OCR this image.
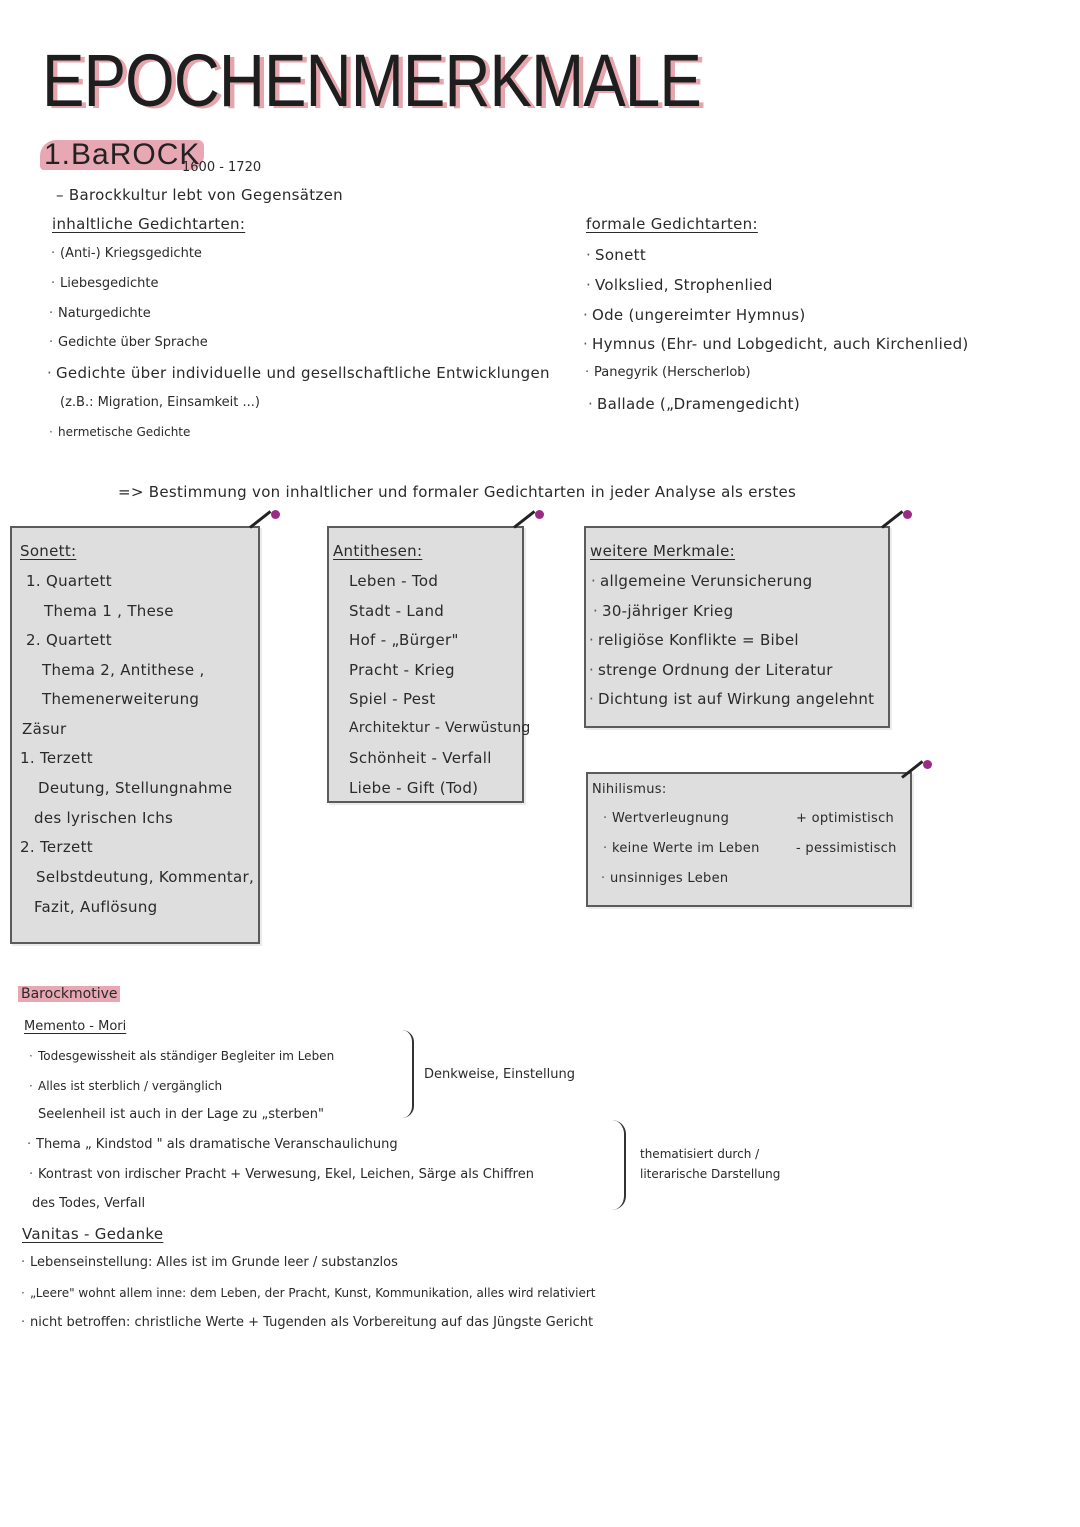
EPOCHENMERKMALE
1.BaROCK
1600 - 1720
– Barockkultur lebt von Gegensätzen
inhaltliche Gedichtarten:
· (Anti-) Kriegsgedichte
· Liebesgedichte
· Naturgedichte
· Gedichte über Sprache
· Gedichte über individuelle und gesellschaftliche Entwicklungen
(z.B.: Migration, Einsamkeit ...)
· hermetische Gedichte
formale Gedichtarten:
· Sonett
· Volkslied, Strophenlied
· Ode (ungereimter Hymnus)
· Hymnus (Ehr- und Lobgedicht, auch Kirchenlied)
· Panegyrik (Herscherlob)
· Ballade („Dramengedicht)
=> Bestimmung von inhaltlicher und formaler Gedichtarten in jeder Analyse als erstes
Sonett:
1. Quartett
Thema 1 , These
2. Quartett
Thema 2, Antithese ,
Themenerweiterung
Zäsur
1. Terzett
Deutung, Stellungnahme
des lyrischen Ichs
2. Terzett
Selbstdeutung, Kommentar,
Fazit, Auflösung
Antithesen:
Leben - Tod
Stadt - Land
Hof - „Bürger"
Pracht - Krieg
Spiel - Pest
Architektur - Verwüstung
Schönheit - Verfall
Liebe - Gift (Tod)
weitere Merkmale:
· allgemeine Verunsicherung
· 30-jähriger Krieg
· religiöse Konflikte = Bibel
· strenge Ordnung der Literatur
· Dichtung ist auf Wirkung angelehnt
Nihilismus:
· Wertverleugnung
· keine Werte im Leben
· unsinniges Leben
+ optimistisch
- pessimistisch
Barockmotive
Memento - Mori
· Todesgewissheit als ständiger Begleiter im Leben
· Alles ist sterblich / vergänglich
Seelenheil ist auch in der Lage zu „sterben"
Denkweise, Einstellung
· Thema „ Kindstod " als dramatische Veranschaulichung
· Kontrast von irdischer Pracht + Verwesung, Ekel, Leichen, Särge als Chiffren
des Todes, Verfall
thematisiert durch /
literarische Darstellung
Vanitas - Gedanke
· Lebenseinstellung: Alles ist im Grunde leer / substanzlos
· „Leere" wohnt allem inne: dem Leben, der Pracht, Kunst, Kommunikation, alles wird relativiert
· nicht betroffen: christliche Werte + Tugenden als Vorbereitung auf das Jüngste Gericht
